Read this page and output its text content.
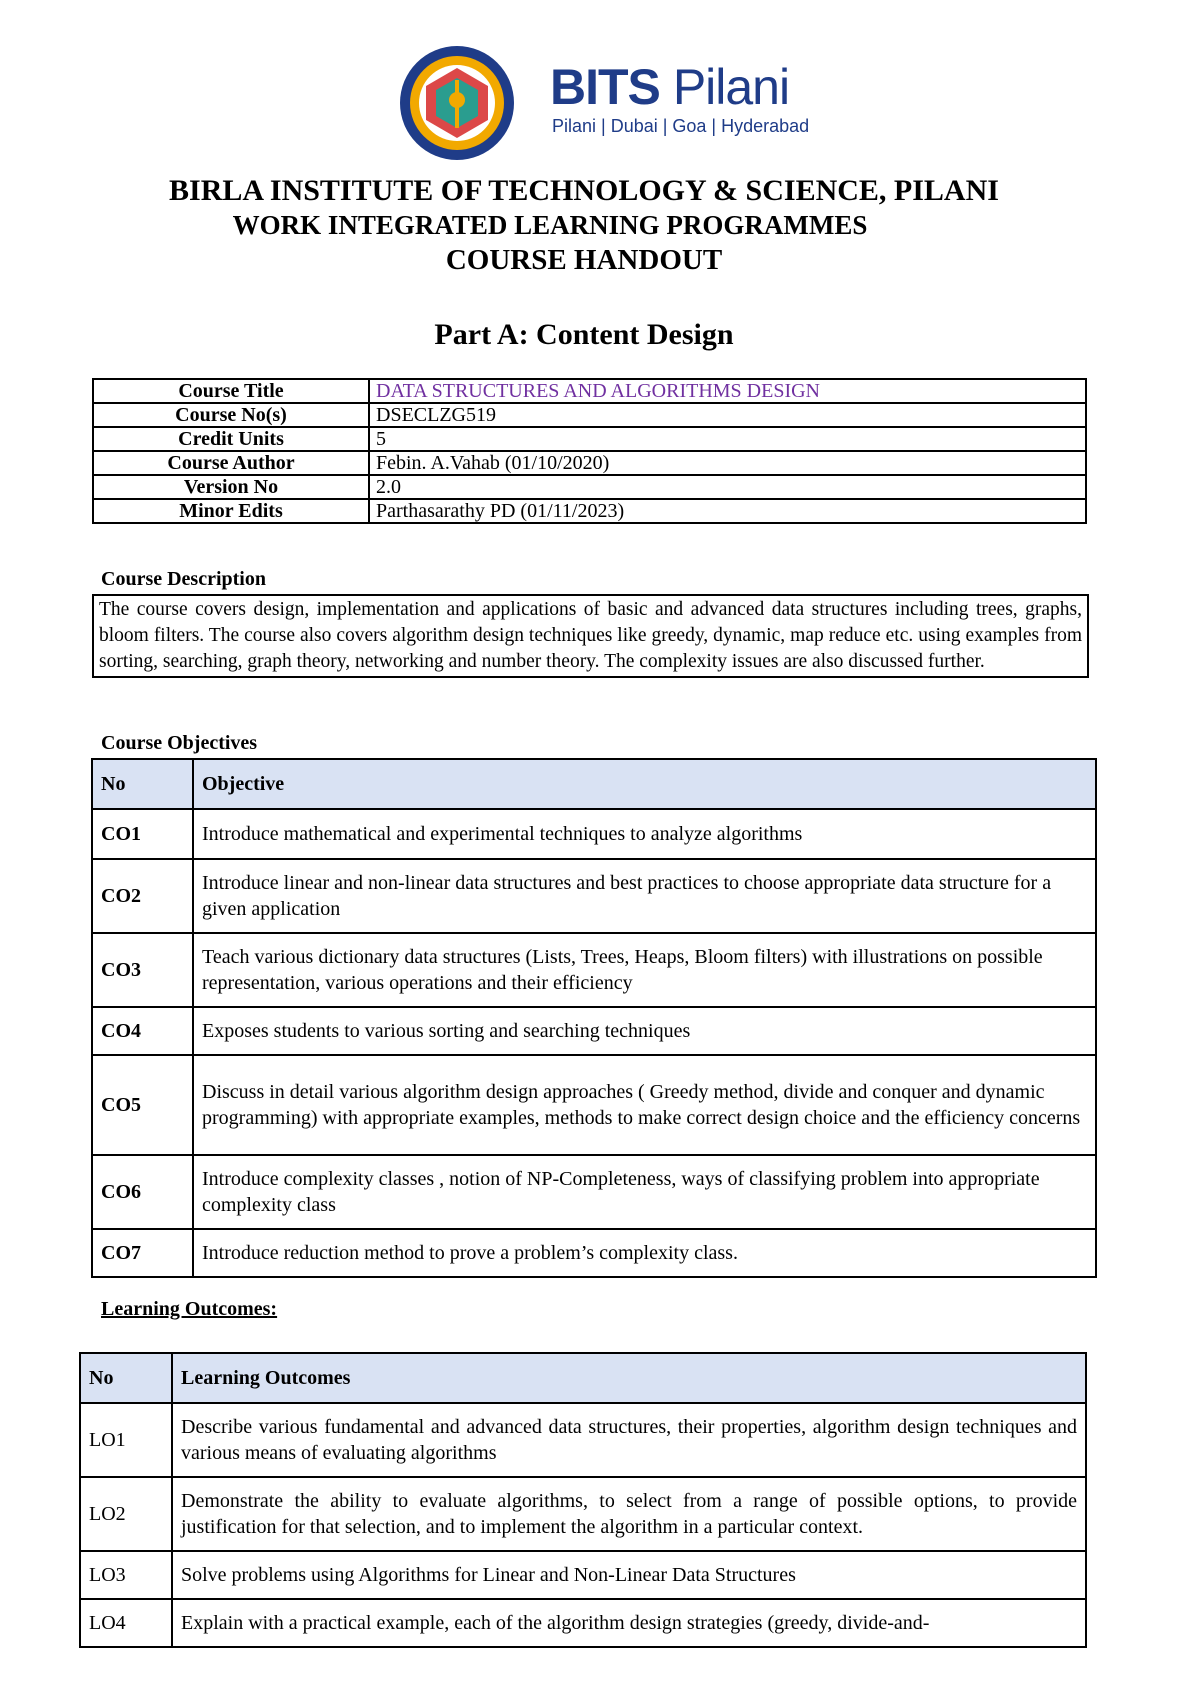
BITS Pilani
Pilani | Dubai | Goa | Hyderabad
BIRLA INSTITUTE OF TECHNOLOGY & SCIENCE, PILANI
WORK INTEGRATED LEARNING PROGRAMMES
COURSE HANDOUT
Part A: Content Design
Course Title	DATA STRUCTURES AND ALGORITHMS DESIGN
Course No(s)	DSECLZG519
Credit Units	5
Course Author	Febin. A.Vahab (01/10/2020)
Version No	2.0
Minor Edits	Parthasarathy PD (01/11/2023)
Course Description
The course covers design, implementation and applications of basic and advanced data structures including trees, graphs, bloom filters. The course also covers algorithm design techniques like greedy, dynamic, map reduce etc. using examples from sorting, searching, graph theory, networking and number theory. The complexity issues are also discussed further.
Course Objectives
No	Objective
CO1	Introduce mathematical and experimental techniques to analyze algorithms
CO2	Introduce linear and non-linear data structures and best practices to choose appropriate data structure for a given application
CO3	Teach various dictionary data structures (Lists, Trees, Heaps, Bloom filters) with illustrations on possible representation, various operations and their efficiency
CO4	Exposes students to various sorting and searching techniques
CO5	Discuss in detail various algorithm design approaches ( Greedy method, divide and conquer and dynamic programming) with appropriate examples, methods to make correct design choice and the efficiency concerns
CO6	Introduce complexity classes , notion of NP-Completeness, ways of classifying problem into appropriate complexity class
CO7	Introduce reduction method to prove a problem’s complexity class.
Learning Outcomes:
No	Learning Outcomes
LO1	Describe various fundamental and advanced data structures, their properties, algorithm design techniques and various means of evaluating algorithms
LO2	Demonstrate the ability to evaluate algorithms, to select from a range of possible options, to provide justification for that selection, and to implement the algorithm in a particular context.
LO3	Solve problems using Algorithms for Linear and Non-Linear Data Structures
LO4	Explain with a practical example, each of the algorithm design strategies (greedy, divide-and-
